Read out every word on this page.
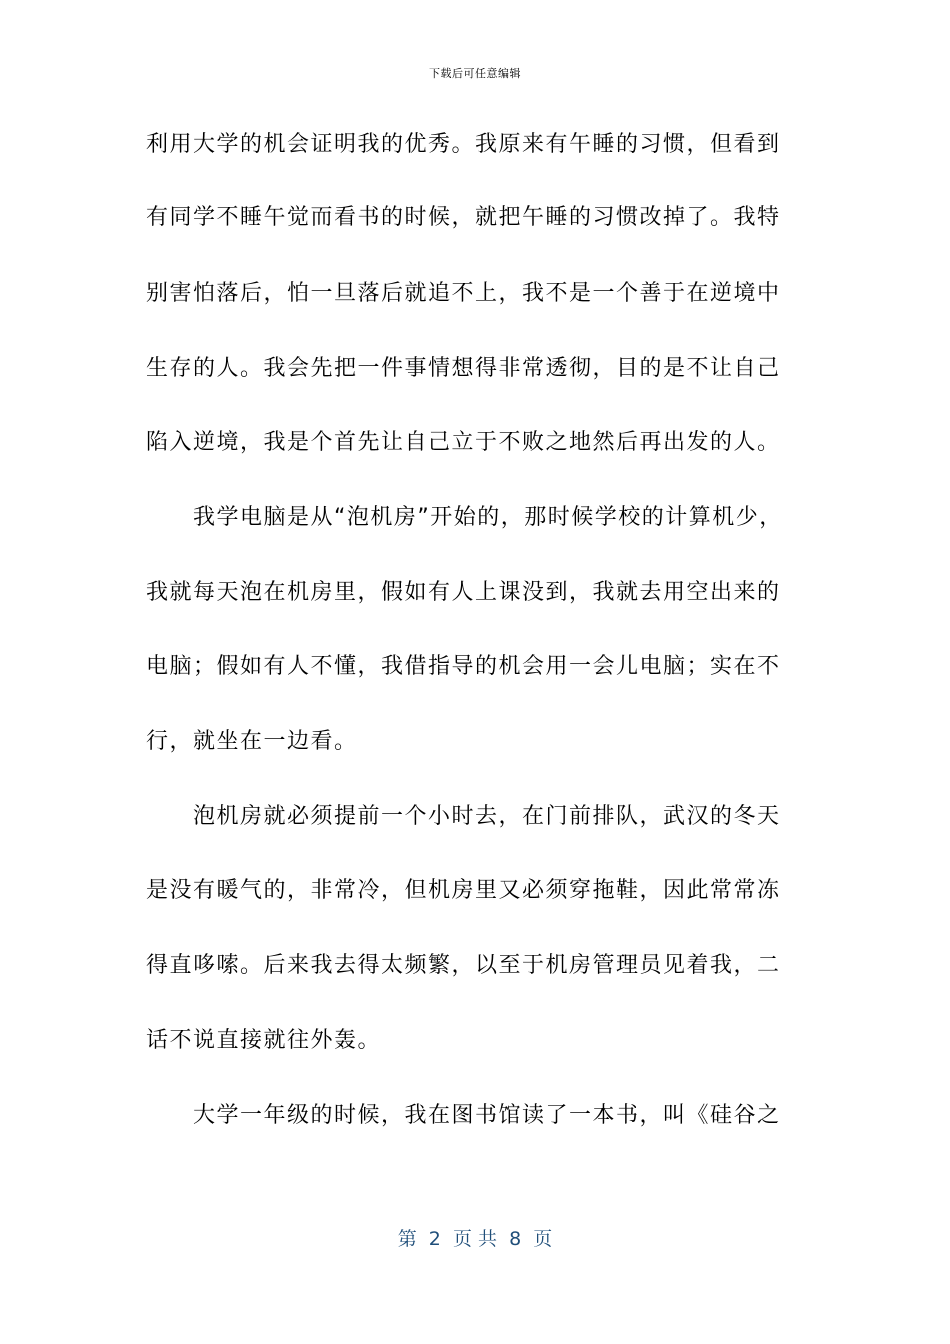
下载后可任意编辑
利用大学的机会证明我的优秀。我原来有午睡的习惯，但看到
有同学不睡午觉而看书的时候，就把午睡的习惯改掉了。我特
别害怕落后，怕一旦落后就追不上，我不是一个善于在逆境中
生存的人。我会先把一件事情想得非常透彻，目的是不让自己
陷入逆境，我是个首先让自己立于不败之地然后再出发的人。
我学电脑是从“泡机房”开始的，那时候学校的计算机少，
我就每天泡在机房里，假如有人上课没到，我就去用空出来的
电脑；假如有人不懂，我借指导的机会用一会儿电脑；实在不
行，就坐在一边看。
泡机房就必须提前一个小时去，在门前排队，武汉的冬天
是没有暖气的，非常冷，但机房里又必须穿拖鞋，因此常常冻
得直哆嗦。后来我去得太频繁，以至于机房管理员见着我，二
话不说直接就往外轰。
大学一年级的时候，我在图书馆读了一本书，叫《硅谷之
第  2  页 共  8  页
